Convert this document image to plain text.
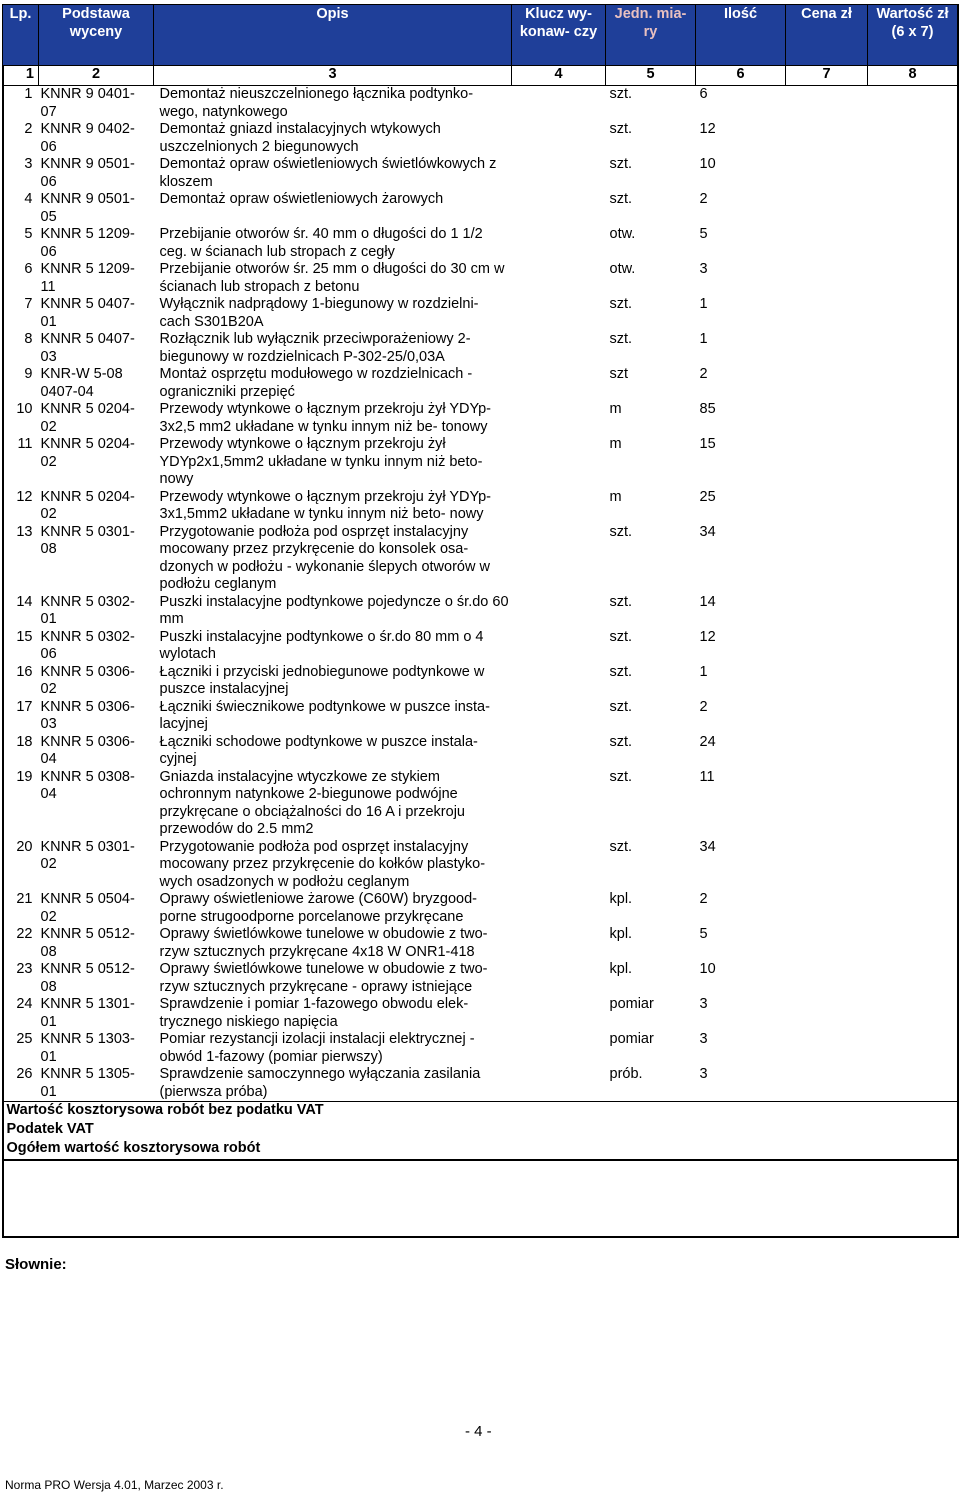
Lp.	Podstawa wyceny	Opis	Klucz wy- konaw- czy	Jedn. mia- ry	Ilość	Cena zł	Wartość zł (6 x 7)
1	2	3	4	5	6	7	8
1	KNNR 9 0401- 07	Demontaż nieuszczelnionego łącznika podtynko- wego, natynkowego		szt.	6		
2	KNNR 9 0402- 06	Demontaż gniazd instalacyjnych wtykowych uszczelnionych 2 biegunowych		szt.	12		
3	KNNR 9 0501- 06	Demontaż opraw oświetleniowych świetlówkowych z kloszem		szt.	10		
4	KNNR 9 0501- 05	Demontaż opraw oświetleniowych żarowych		szt.	2		
5	KNNR 5 1209- 06	Przebijanie otworów śr. 40 mm o długości do 1 1/2 ceg. w ścianach lub stropach z cegły		otw.	5		
6	KNNR 5 1209- 11	Przebijanie otworów śr. 25 mm o długości do 30 cm w ścianach lub stropach z betonu		otw.	3		
7	KNNR 5 0407- 01	Wyłącznik nadprądowy 1-biegunowy w rozdzielni- cach S301B20A		szt.	1		
8	KNNR 5 0407- 03	Rozłącznik lub wyłącznik przeciwporażeniowy 2- biegunowy w rozdzielnicach P-302-25/0,03A		szt.	1		
9	KNR-W 5-08 0407-04	Montaż osprzętu modułowego w rozdzielnicach - ograniczniki przepięć		szt	2		
10	KNNR 5 0204- 02	Przewody wtynkowe o łącznym przekroju żył YDYp-3x2,5 mm2 układane w tynku innym niż be- tonowy		m	85		
11	KNNR 5 0204- 02	Przewody wtynkowe o łącznym przekroju żył YDYp2x1,5mm2 układane w tynku innym niż beto- nowy		m	15		
12	KNNR 5 0204- 02	Przewody wtynkowe o łącznym przekroju żył YDYp-3x1,5mm2 układane w tynku innym niż beto- nowy		m	25		
13	KNNR 5 0301- 08	Przygotowanie podłoża pod osprzęt instalacyjny mocowany przez przykręcenie do konsolek osa- dzonych w podłożu - wykonanie ślepych otworów w podłożu ceglanym		szt.	34		
14	KNNR 5 0302- 01	Puszki instalacyjne podtynkowe pojedyncze o śr.do 60 mm		szt.	14		
15	KNNR 5 0302- 06	Puszki instalacyjne podtynkowe o śr.do 80 mm o 4 wylotach		szt.	12		
16	KNNR 5 0306- 02	Łączniki i przyciski jednobiegunowe podtynkowe w puszce instalacyjnej		szt.	1		
17	KNNR 5 0306- 03	Łączniki świecznikowe podtynkowe w puszce insta- lacyjnej		szt.	2		
18	KNNR 5 0306- 04	Łączniki schodowe podtynkowe w puszce instala- cyjnej		szt.	24		
19	KNNR 5 0308- 04	Gniazda instalacyjne wtyczkowe ze stykiem ochronnym natynkowe 2-biegunowe podwójne przykręcane o obciążalności do 16 A i przekroju przewodów do 2.5 mm2		szt.	11		
20	KNNR 5 0301- 02	Przygotowanie podłoża pod osprzęt instalacyjny mocowany przez przykręcenie do kołków plastyko- wych osadzonych w podłożu ceglanym		szt.	34		
21	KNNR 5 0504- 02	Oprawy oświetleniowe żarowe (C60W) bryzgood- porne strugoodporne porcelanowe przykręcane		kpl.	2		
22	KNNR 5 0512- 08	Oprawy świetlówkowe tunelowe w obudowie z two- rzyw sztucznych przykręcane 4x18 W ONR1-418		kpl.	5		
23	KNNR 5 0512- 08	Oprawy świetlówkowe tunelowe w obudowie z two- rzyw sztucznych przykręcane - oprawy istniejące		kpl.	10		
24	KNNR 5 1301- 01	Sprawdzenie i pomiar 1-fazowego obwodu elek- trycznego niskiego napięcia		pomiar	3		
25	KNNR 5 1303- 01	Pomiar rezystancji izolacji instalacji elektrycznej - obwód 1-fazowy (pomiar pierwszy)		pomiar	3		
26	KNNR 5 1305- 01	Sprawdzenie samoczynnego wyłączania zasilania (pierwsza próba)		prób.	3		
Wartość kosztorysowa robót bez podatku VAT							
Podatek VAT							
Ogółem wartość kosztorysowa robót							
Słownie:
- 4 -
Norma PRO Wersja 4.01, Marzec 2003 r.
